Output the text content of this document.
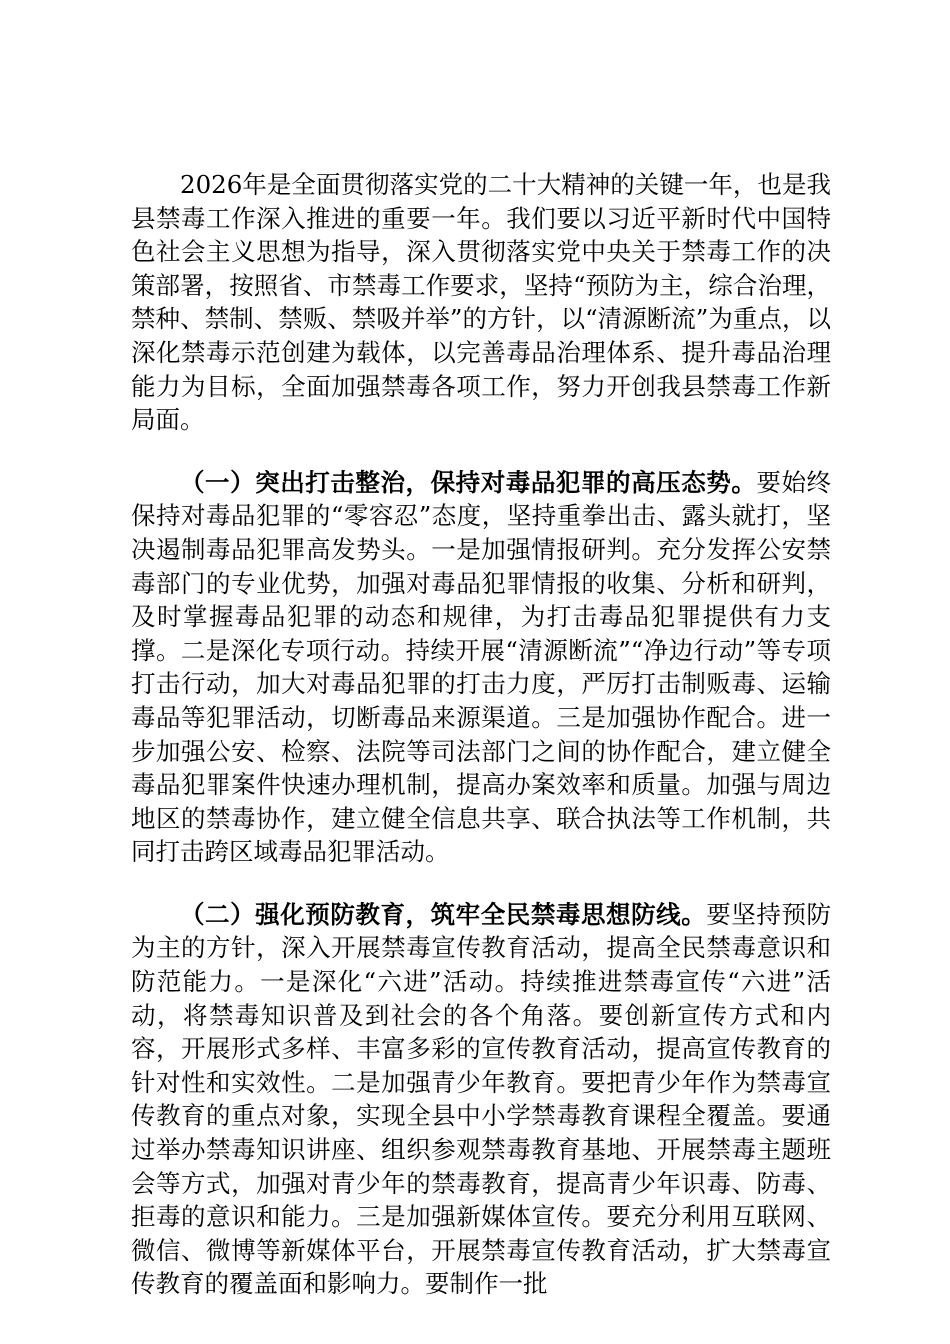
2026年是全面贯彻落实党的二十大精神的关键一年，也是我县禁毒工作深入推进的重要一年。我们要以习近平新时代中国特色社会主义思想为指导，深入贯彻落实党中央关于禁毒工作的决策部署，按照省、市禁毒工作要求，坚持“预防为主，综合治理，禁种、禁制、禁贩、禁吸并举”的方针，以“清源断流”为重点，以深化禁毒示范创建为载体，以完善毒品治理体系、提升毒品治理能力为目标，全面加强禁毒各项工作，努力开创我县禁毒工作新局面。

（一）突出打击整治，保持对毒品犯罪的高压态势。要始终保持对毒品犯罪的“零容忍”态度，坚持重拳出击、露头就打，坚决遏制毒品犯罪高发势头。一是加强情报研判。充分发挥公安禁毒部门的专业优势，加强对毒品犯罪情报的收集、分析和研判，及时掌握毒品犯罪的动态和规律，为打击毒品犯罪提供有力支撑。二是深化专项行动。持续开展“清源断流”“净边行动”等专项打击行动，加大对毒品犯罪的打击力度，严厉打击制贩毒、运输毒品等犯罪活动，切断毒品来源渠道。三是加强协作配合。进一步加强公安、检察、法院等司法部门之间的协作配合，建立健全毒品犯罪案件快速办理机制，提高办案效率和质量。加强与周边地区的禁毒协作，建立健全信息共享、联合执法等工作机制，共同打击跨区域毒品犯罪活动。

（二）强化预防教育，筑牢全民禁毒思想防线。要坚持预防为主的方针，深入开展禁毒宣传教育活动，提高全民禁毒意识和防范能力。一是深化“六进”活动。持续推进禁毒宣传“六进”活动，将禁毒知识普及到社会的各个角落。要创新宣传方式和内容，开展形式多样、丰富多彩的宣传教育活动，提高宣传教育的针对性和实效性。二是加强青少年教育。要把青少年作为禁毒宣传教育的重点对象，实现全县中小学禁毒教育课程全覆盖。要通过举办禁毒知识讲座、组织参观禁毒教育基地、开展禁毒主题班会等方式，加强对青少年的禁毒教育，提高青少年识毒、防毒、拒毒的意识和能力。三是加强新媒体宣传。要充分利用互联网、微信、微博等新媒体平台，开展禁毒宣传教育活动，扩大禁毒宣传教育的覆盖面和影响力。要制作一批
